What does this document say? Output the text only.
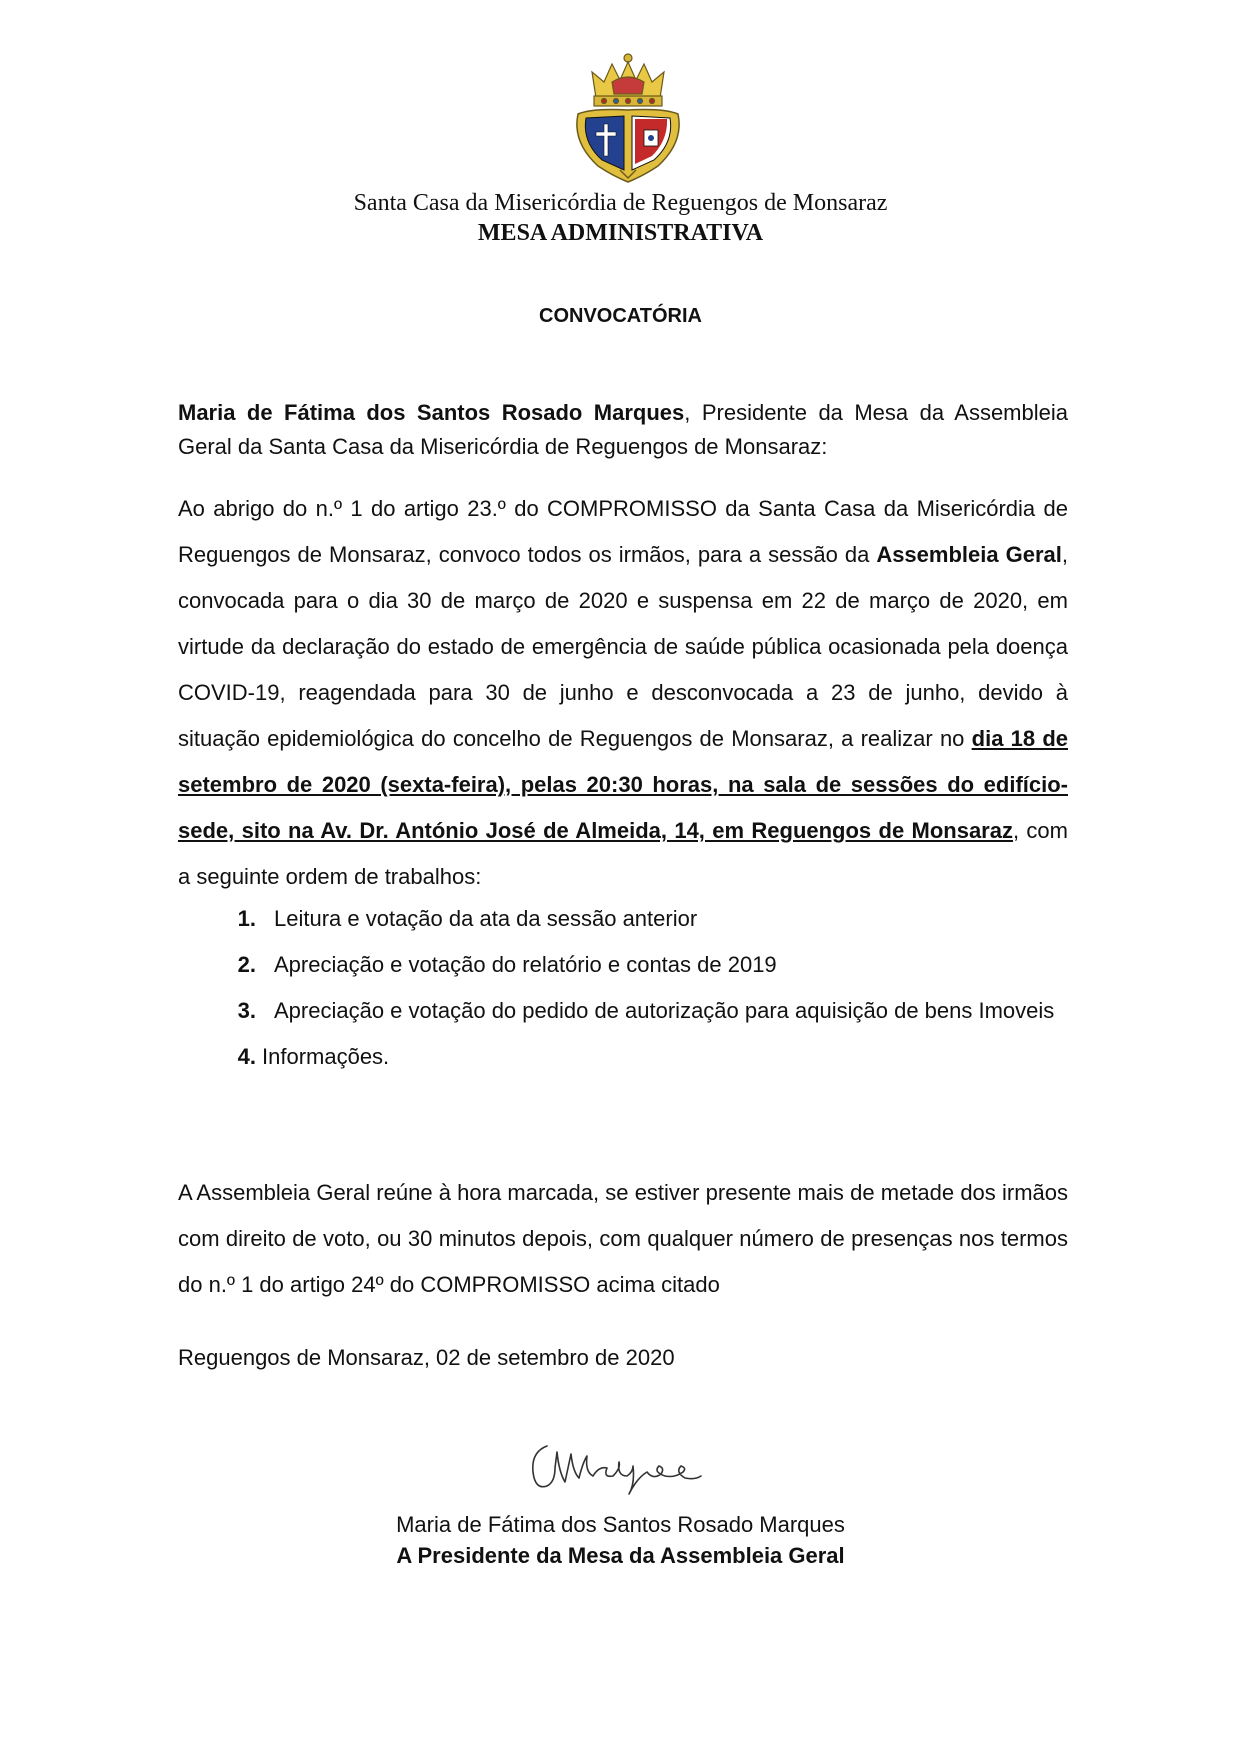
Santa Casa da Misericórdia de Reguengos de Monsaraz
MESA ADMINISTRATIVA
CONVOCATÓRIA

Maria de Fátima dos Santos Rosado Marques, Presidente da Mesa da Assembleia Geral da Santa Casa da Misericórdia de Reguengos de Monsaraz:

Ao abrigo do n.º 1 do artigo 23.º do COMPROMISSO da Santa Casa da Misericórdia de Reguengos de Monsaraz, convoco todos os irmãos, para a sessão da Assembleia Geral, convocada para o dia 30 de março de 2020 e suspensa em 22 de março de 2020, em virtude da declaração do estado de emergência de saúde pública ocasionada pela doença COVID-19, reagendada para 30 de junho e desconvocada a 23 de junho, devido à situação epidemiológica do concelho de Reguengos de Monsaraz, a realizar no dia 18 de setembro de 2020 (sexta-feira), pelas 20:30 horas, na sala de sessões do edifício-sede, sito na Av. Dr. António José de Almeida, 14, em Reguengos de Monsaraz, com a seguinte ordem de trabalhos:

1. Leitura e votação da ata da sessão anterior
2. Apreciação e votação do relatório e contas de 2019
3. Apreciação e votação do pedido de autorização para aquisição de bens Imoveis
4. Informações.

A Assembleia Geral reúne à hora marcada, se estiver presente mais de metade dos irmãos com direito de voto, ou 30 minutos depois, com qualquer número de presenças nos termos do n.º 1 do artigo 24º do COMPROMISSO acima citado

Reguengos de Monsaraz, 02 de setembro de 2020
Maria de Fátima dos Santos Rosado Marques
A Presidente da Mesa da Assembleia Geral
